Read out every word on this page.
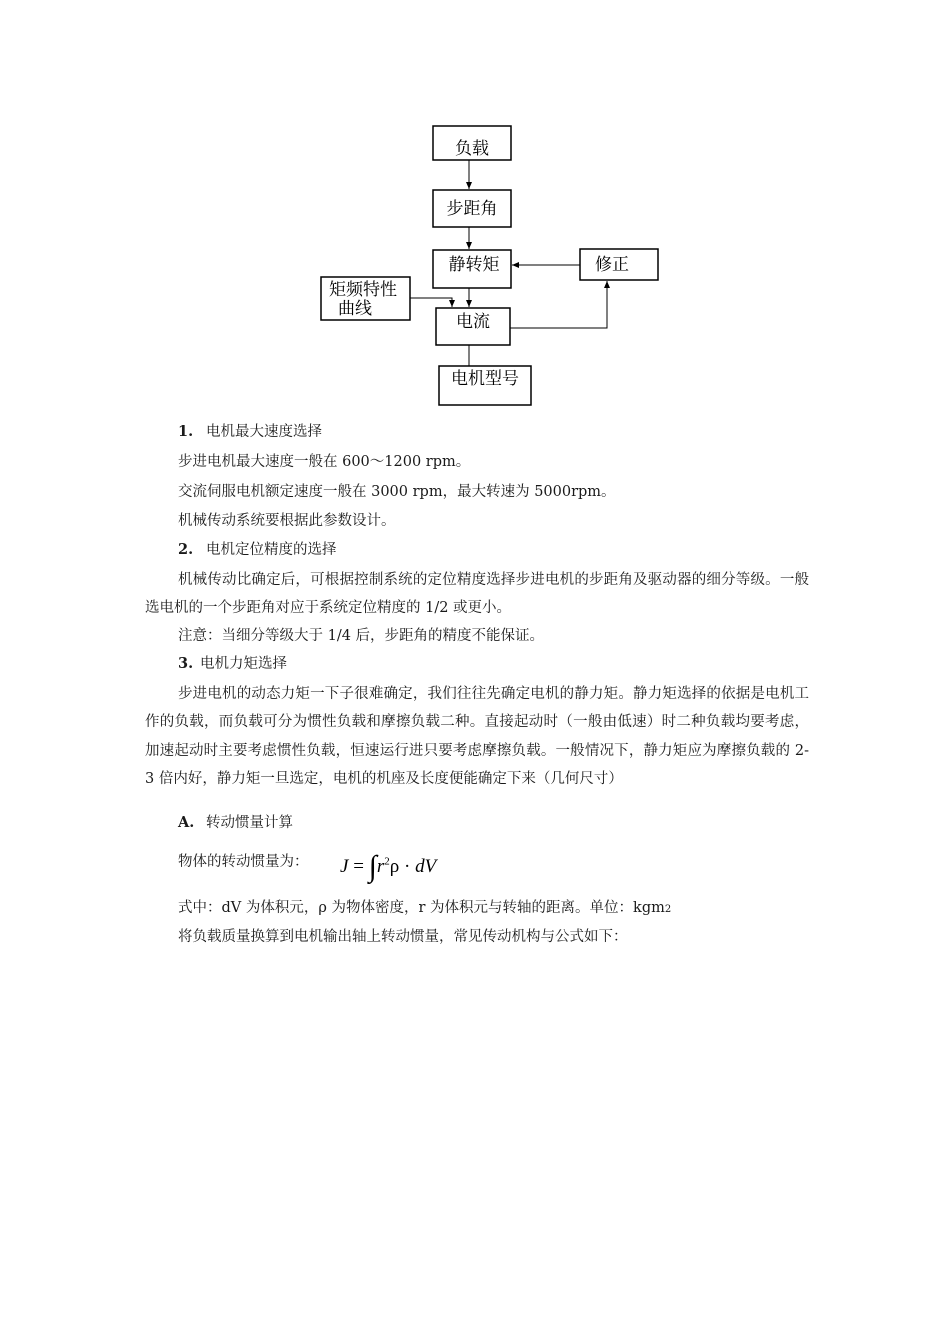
负载
步距角
静转矩	修正
矩频特性
曲线
电流
电机型号
1. 电机最大速度选择
步进电机最大速度一般在 600～1200 rpm。
交流伺服电机额定速度一般在 3000 rpm，最大转速为 5000rpm。
机械传动系统要根据此参数设计。
2. 电机定位精度的选择
机械传动比确定后，可根据控制系统的定位精度选择步进电机的步距角及驱动器的细分等级。一般选电机的一个步距角对应于系统定位精度的 1/2 或更小。
注意：当细分等级大于 1/4 后，步距角的精度不能保证。
3. 电机力矩选择
步进电机的动态力矩一下子很难确定，我们往往先确定电机的静力矩。静力矩选择的依据是电机工作的负载，而负载可分为惯性负载和摩擦负载二种。直接起动时（一般由低速）时二种负载均要考虑，加速起动时主要考虑惯性负载，恒速运行进只要考虑摩擦负载。一般情况下，静力矩应为摩擦负载的 2-3 倍内好，静力矩一旦选定，电机的机座及长度便能确定下来（几何尺寸）
A. 转动惯量计算
物体的转动惯量为： $J = \int r^2\rho$ · dV
式中：dV 为体积元，ρ 为物体密度，r 为体积元与转轴的距离。单位：kgm2
将负载质量换算到电机输出轴上转动惯量，常见传动机构与公式如下：
